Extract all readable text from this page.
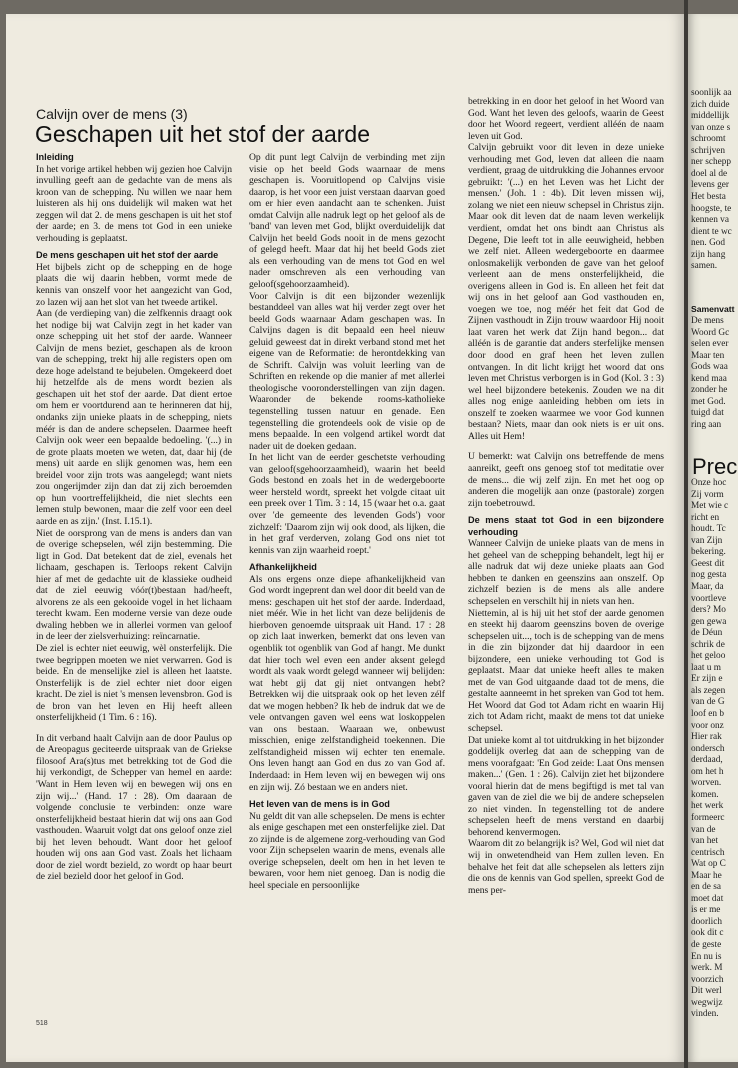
Calvijn over de mens (3)
Geschapen uit het stof der aarde
Inleiding

In het vorige artikel hebben wij gezien hoe Calvijn invulling geeft aan de gedachte van de mens als kroon van de schepping. Nu willen we naar hem luisteren als hij ons duidelijk wil maken wat het zeggen wil dat 2. de mens geschapen is uit het stof der aarde; en 3. de mens tot God in een unieke verhouding is geplaatst.

De mens geschapen uit het stof der aarde

Het bijbels zicht op de schepping en de hoge plaats die wij daarin hebben, vormt mede de kennis van onszelf voor het aangezicht van God, zo lazen wij aan het slot van het tweede artikel.

Aan (de verdieping van) die zelfkennis draagt ook het nodige bij wat Calvijn zegt in het kader van onze schepping uit het stof der aarde. Wanneer Calvijn de mens beziet, geschapen als de kroon van de schepping, trekt hij alle registers open om deze hoge adelstand te bejubelen. Omgekeerd doet hij hetzelfde als de mens wordt bezien als geschapen uit het stof der aarde. Dat dient ertoe om hem er voortdurend aan te herinneren dat hij, ondanks zijn unieke plaats in de schepping, niets méér is dan de andere schepselen. Daarmee heeft Calvijn ook weer een bepaalde bedoeling. '(...) in de grote plaats moeten we weten, dat, daar hij (de mens) uit aarde en slijk genomen was, hem een breidel voor zijn trots was aangelegd; want niets zou ongerijmder zijn dan dat zij zich beroemden op hun voortreffelijkheid, die niet slechts een lemen stulp bewonen, maar die zelf voor een deel aarde en as zijn.' (Inst. I.15.1).

Niet de oorsprong van de mens is anders dan van de overige schepselen, wél zijn bestemming. Die ligt in God. Dat betekent dat de ziel, evenals het lichaam, geschapen is. Terloops rekent Calvijn hier af met de gedachte uit de klassieke oudheid dat de ziel eeuwig vóór(t)bestaan had/heeft, alvorens ze als een gekooide vogel in het lichaam terecht kwam. Een moderne versie van deze oude dwaling hebben we in allerlei vormen van geloof in de leer der zielsverhuizing: reïncarnatie.

De ziel is echter niet eeuwig, wèl onsterfelijk. Die twee begrippen moeten we niet verwarren. God is beide. En de menselijke ziel is alleen het laatste. Onsterfelijk is de ziel echter niet door eigen kracht. De ziel is niet 's mensen levensbron. God is de bron van het leven en Hij heeft alleen onsterfelijkheid (1 Tim. 6 : 16).

In dit verband haalt Calvijn aan de door Paulus op de Areopagus geciteerde uitspraak van de Griekse filosoof Ara(s)tus met betrekking tot de God die hij verkondigt, de Schepper van hemel en aarde: 'Want in Hem leven wij en bewegen wij ons en zijn wij...' (Hand. 17 : 28). Om daaraan de volgende conclusie te verbinden: onze ware onsterfelijkheid bestaat hierin dat wij ons aan God vasthouden. Waaruit volgt dat ons geloof onze ziel bij het leven behoudt. Want door het geloof houden wij ons aan God vast. Zoals het lichaam door de ziel wordt bezield, zo wordt op haar beurt de ziel bezield door het geloof in God.

Op dit punt legt Calvijn de verbinding met zijn visie op het beeld Gods waarnaar de mens geschapen is. Vooruitlopend op Calvijns visie daarop, is het voor een juist verstaan daarvan goed om er hier even aandacht aan te schenken. Juist omdat Calvijn alle nadruk legt op het geloof als de 'band' van leven met God, blijkt overduidelijk dat Calvijn het beeld Gods nooit in de mens gezocht of gelegd heeft. Maar dat hij het beeld Gods ziet als een verhouding van de mens tot God en wel nader omschreven als een verhouding van geloof(sgehoorzaamheid).

Voor Calvijn is dit een bijzonder wezenlijk bestanddeel van alles wat hij verder zegt over het beeld Gods waarnaar Adam geschapen was. In Calvijns dagen is dit bepaald een heel nieuw geluid geweest dat in direkt verband stond met het eigene van de Reformatie: de herontdekking van de Schrift. Calvijn was voluit leerling van de Schriften en rekende op die manier af met allerlei theologische vooronderstellingen van zijn dagen. Waaronder de bekende rooms-katholieke tegenstelling tussen natuur en genade. Een tegenstelling die grotendeels ook de visie op de mens bepaalde. In een volgend artikel wordt dat nader uit de doeken gedaan.

In het licht van de eerder geschetste verhouding van geloof(sgehoorzaamheid), waarin het beeld Gods bestond en zoals het in de wedergeboorte weer hersteld wordt, spreekt het volgde citaat uit een preek over 1 Tim. 3 : 14, 15 (waar het o.a. gaat over 'de gemeente des levenden Gods') voor zichzelf: 'Daarom zijn wij ook dood, als lijken, die in het graf verderven, zolang God ons niet tot kennis van zijn waarheid roept.'

Afhankelijkheid

Als ons ergens onze diepe afhankelijkheid van God wordt ingeprent dan wel door dit beeld van de mens: geschapen uit het stof der aarde. Inderdaad, niet méér. Wie in het licht van deze belijdenis de hierboven genoemde uitspraak uit Hand. 17 : 28 op zich laat inwerken, bemerkt dat ons leven van ogenblik tot ogenblik van God af hangt. Me dunkt dat hier toch wel even een ander aksent gelegd wordt als vaak wordt gelegd wanneer wij belijden: wat hebt gij dat gij niet ontvangen hebt? Betrekken wij die uitspraak ook op het leven zélf dat we mogen hebben? Ik heb de indruk dat we de vele ontvangen gaven wel eens wat loskoppelen van ons bestaan. Waaraan we, onbewust misschien, enige zelfstandigheid toekennen. Die zelfstandigheid missen wij echter ten enemale. Ons leven hangt aan God en dus zo van God af. Inderdaad: in Hem leven wij en bewegen wij ons en zijn wij. Zó bestaan we en anders niet.

Het leven van de mens is in God

Nu geldt dit van alle schepselen. De mens is echter als enige geschapen met een onsterfelijke ziel. Dat zo zijnde is de algemene zorg-verhouding van God voor Zijn schepselen waarin de mens, evenals alle overige schepselen, deelt om hen in het leven te bewaren, voor hem niet genoeg. Dan is nodig die heel speciale en persoonlijke

betrekking in en door het geloof in het Woord van God. Want het leven des geloofs, waarin de Geest door het Woord regeert, verdient alléén de naam leven uit God.

Calvijn gebruikt voor dit leven in deze unieke verhouding met God, leven dat alleen die naam verdient, graag de uitdrukking die Johannes ervoor gebruikt: '(...) en het Leven was het Licht der mensen.' (Joh. 1 : 4b). Dit leven missen wij, zolang we niet een nieuw schepsel in Christus zijn. Maar ook dit leven dat de naam leven werkelijk verdient, omdat het ons bindt aan Christus als Degene, Die leeft tot in alle eeuwigheid, hebben we zelf niet. Alleen wedergeboorte en daarmee onlosmakelijk verbonden de gave van het geloof verleent aan de mens onsterfelijkheid, die overigens alleen in God is. En alleen het feit dat wij ons in het geloof aan God vasthouden en, voegen we toe, nog méér het feit dat God de Zijnen vasthoudt in Zijn trouw waardoor Hij nooit laat varen het werk dat Zijn hand begon... dat alléén is de garantie dat anders sterfelijke mensen door dood en graf heen het leven zullen ontvangen. In dit licht krijgt het woord dat ons leven met Christus verborgen is in God (Kol. 3 : 3) wel heel bijzondere betekenis. Zouden we na dit alles nog enige aanleiding hebben om iets in onszelf te zoeken waarmee we voor God kunnen bestaan? Niets, maar dan ook niets is er uit ons. Alles uit Hem!

U bemerkt: wat Calvijn ons betreffende de mens aanreikt, geeft ons genoeg stof tot meditatie over de mens... die wij zelf zijn. En met het oog op anderen die mogelijk aan onze (pastorale) zorgen zijn toebetrouwd.

De mens staat tot God in een bijzondere verhouding

Wanneer Calvijn de unieke plaats van de mens in het geheel van de schepping behandelt, legt hij er alle nadruk dat wij deze unieke plaats aan God hebben te danken en geenszins aan onszelf. Op zichzelf bezien is de mens als alle andere schepselen en verschilt hij in niets van hen.

Niettemin, al is hij uit het stof der aarde genomen en steekt hij daarom geenszins boven de overige schepselen uit..., toch is de schepping van de mens in die zin bijzonder dat hij daardoor in een bijzondere, een unieke verhouding tot God is geplaatst. Maar dat unieke heeft alles te maken met de van God uitgaande daad tot de mens, die gestalte aanneemt in het spreken van God tot hem. Het Woord dat God tot Adam richt en waarin Hij zich tot Adam richt, maakt de mens tot dat unieke schepsel.

Dat unieke komt al tot uitdrukking in het bijzonder goddelijk overleg dat aan de schepping van de mens voorafgaat: 'En God zeide: Laat Ons mensen maken...' (Gen. 1 : 26). Calvijn ziet het bijzondere vooral hierin dat de mens begiftigd is met tal van gaven van de ziel die we bij de andere schepselen zo niet vinden. In tegenstelling tot de andere schepselen heeft de mens verstand en daarbij behorend kenvermogen.

Waarom dit zo belangrijk is? Wel, God wil niet dat wij in onwetendheid van Hem zullen leven. En behalve het feit dat alle schepselen als letters zijn die ons de kennis van God spellen, spreekt God de mens per-

518
soonlijk aa
zich duide
middellijk
van onze s
schroomt
schrijven
ner schepp
doel al de
levens ger
Het besta
hoogste, te
kennen va
dient te wc
nen. God
zijn hang
samen.
Samenvatt
De mens
Woord Gc
selen ever
Maar ten
Gods waa
kend maa
zonder he
met God.
tuigd dat
ring aan
Prec
Onze hoc
Zij vorm
Met wie c
richt en
houdt. Tc
van Zijn
bekering.
Geest dit
nog gesta
Maar, da
voortleve
ders? Mo
gen gewa
de Déun
schrik de
het geloo
laat u m
Er zijn e
als zegen
van de G
loof en b
voor onz
Hier rak
ondersch
derdaad,
om het h
worven.
komen.
het werk
formeerc
van de
van het
centrisch
Wat op C
Maar he
en de sa
moet dat
is er me
doorlich
ook dit c
de geste
En nu is
werk. M
voorzich
Dit werl
wegwijz
vinden.
